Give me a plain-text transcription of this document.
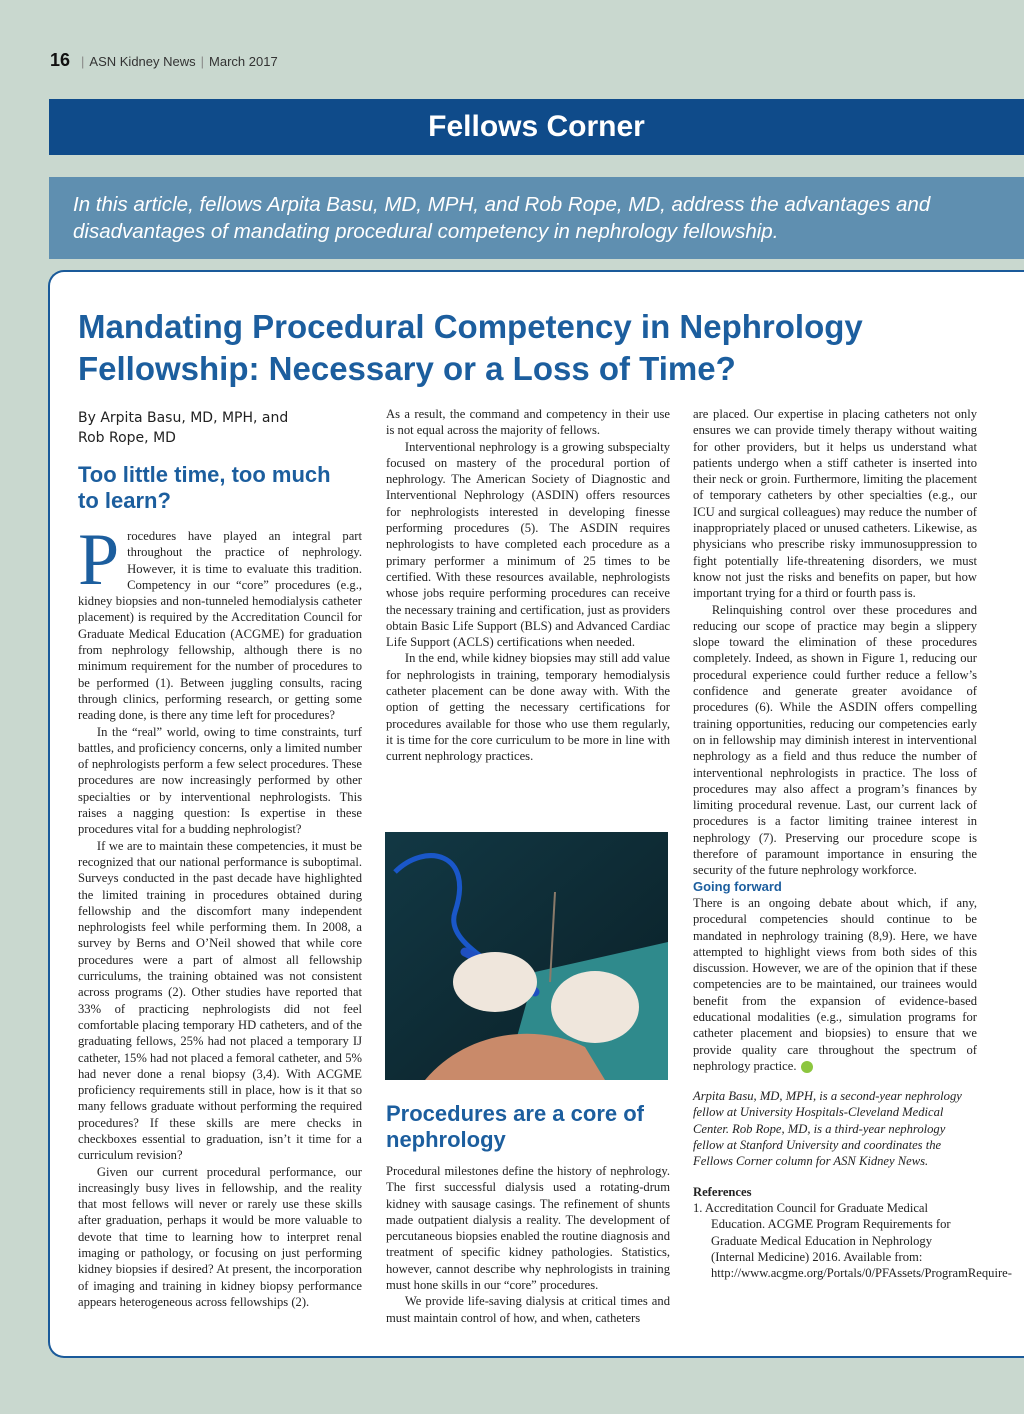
16 | ASN Kidney News | March 2017
Fellows Corner
In this article, fellows Arpita Basu, MD, MPH, and Rob Rope, MD, address the advantages and disadvantages of mandating procedural competency in nephrology fellowship.
Mandating Procedural Competency in Nephrology
Fellowship: Necessary or a Loss of Time?
By Arpita Basu, MD, MPH, and
Rob Rope, MD
Too little time, too much to learn?

Procedures have played an integral part throughout the practice of nephrology. However, it is time to evaluate this tradition. Competency in our “core” procedures (e.g., kidney biopsies and non-tunneled hemodialysis catheter placement) is required by the Accreditation Council for Graduate Medical Education (ACGME) for graduation from nephrology fellowship, although there is no minimum requirement for the number of procedures to be performed (1). Between juggling consults, racing through clinics, performing research, or getting some reading done, is there any time left for procedures?

In the “real” world, owing to time constraints, turf battles, and proficiency concerns, only a limited number of nephrologists perform a few select procedures. These procedures are now increasingly performed by other specialties or by interventional nephrologists. This raises a nagging question: Is expertise in these procedures vital for a budding nephrologist?

If we are to maintain these competencies, it must be recognized that our national performance is suboptimal. Surveys conducted in the past decade have highlighted the limited training in procedures obtained during fellowship and the discomfort many independent nephrologists feel while performing them. In 2008, a survey by Berns and O’Neil showed that while core procedures were a part of almost all fellowship curriculums, the training obtained was not consistent across programs (2). Other studies have reported that 33% of practicing nephrologists did not feel comfortable placing temporary HD catheters, and of the graduating fellows, 25% had not placed a temporary IJ catheter, 15% had not placed a femoral catheter, and 5% had never done a renal biopsy (3,4). With ACGME proficiency requirements still in place, how is it that so many fellows graduate without performing the required procedures? If these skills are mere checks in checkboxes essential to graduation, isn’t it time for a curriculum revision?

Given our current procedural performance, our increasingly busy lives in fellowship, and the reality that most fellows will never or rarely use these skills after graduation, perhaps it would be more valuable to devote that time to learning how to interpret renal imaging or pathology, or focusing on just performing kidney biopsies if desired? At present, the incorporation of imaging and training in kidney biopsy performance appears heterogeneous across fellowships (2).

As a result, the command and competency in their use is not equal across the majority of fellows.

Interventional nephrology is a growing subspecialty focused on mastery of the procedural portion of nephrology. The American Society of Diagnostic and Interventional Nephrology (ASDIN) offers resources for nephrologists interested in developing finesse performing procedures (5). The ASDIN requires nephrologists to have completed each procedure as a primary performer a minimum of 25 times to be certified. With these resources available, nephrologists whose jobs require performing procedures can receive the necessary training and certification, just as providers obtain Basic Life Support (BLS) and Advanced Cardiac Life Support (ACLS) certifications when needed.

In the end, while kidney biopsies may still add value for nephrologists in training, temporary hemodialysis catheter placement can be done away with. With the option of getting the necessary certifications for procedures available for those who use them regularly, it is time for the core curriculum to be more in line with current nephrology practices.

Procedures are a core of nephrology

Procedural milestones define the history of nephrology. The first successful dialysis used a rotating-drum kidney with sausage casings. The refinement of shunts made outpatient dialysis a reality. The development of percutaneous biopsies enabled the routine diagnosis and treatment of specific kidney pathologies. Statistics, however, cannot describe why nephrologists in training must hone skills in our “core” procedures.

We provide life-saving dialysis at critical times and must maintain control of how, and when, catheters

are placed. Our expertise in placing catheters not only ensures we can provide timely therapy without waiting for other providers, but it helps us understand what patients undergo when a stiff catheter is inserted into their neck or groin. Furthermore, limiting the placement of temporary catheters by other specialties (e.g., our ICU and surgical colleagues) may reduce the number of inappropriately placed or unused catheters. Likewise, as physicians who prescribe risky immunosuppression to fight potentially life-threatening disorders, we must know not just the risks and benefits on paper, but how important trying for a third or fourth pass is.

Relinquishing control over these procedures and reducing our scope of practice may begin a slippery slope toward the elimination of these procedures completely. Indeed, as shown in Figure 1, reducing our procedural experience could further reduce a fellow’s confidence and generate greater avoidance of procedures (6). While the ASDIN offers compelling training opportunities, reducing our competencies early on in fellowship may diminish interest in interventional nephrology as a field and thus reduce the number of interventional nephrologists in practice. The loss of procedures may also affect a program’s finances by limiting procedural revenue. Last, our current lack of procedures is a factor limiting trainee interest in nephrology (7). Preserving our procedure scope is therefore of paramount importance in ensuring the security of the future nephrology workforce.

Going forward

There is an ongoing debate about which, if any, procedural competencies should continue to be mandated in nephrology training (8,9). Here, we have attempted to highlight views from both sides of this discussion. However, we are of the opinion that if these competencies are to be maintained, our trainees would benefit from the expansion of evidence-based educational modalities (e.g., simulation programs for catheter placement and biopsies) to ensure that we provide quality care throughout the spectrum of nephrology practice.

Arpita Basu, MD, MPH, is a second-year nephrology fellow at University Hospitals-Cleveland Medical Center. Rob Rope, MD, is a third-year nephrology fellow at Stanford University and coordinates the Fellows Corner column for ASN Kidney News.

References

1. Accreditation Council for Graduate Medical Education. ACGME Program Requirements for Graduate Medical Education in Nephrology (Internal Medicine) 2016. Available from: http://www.acgme.org/Portals/0/PFAssets/ProgramRequire-
